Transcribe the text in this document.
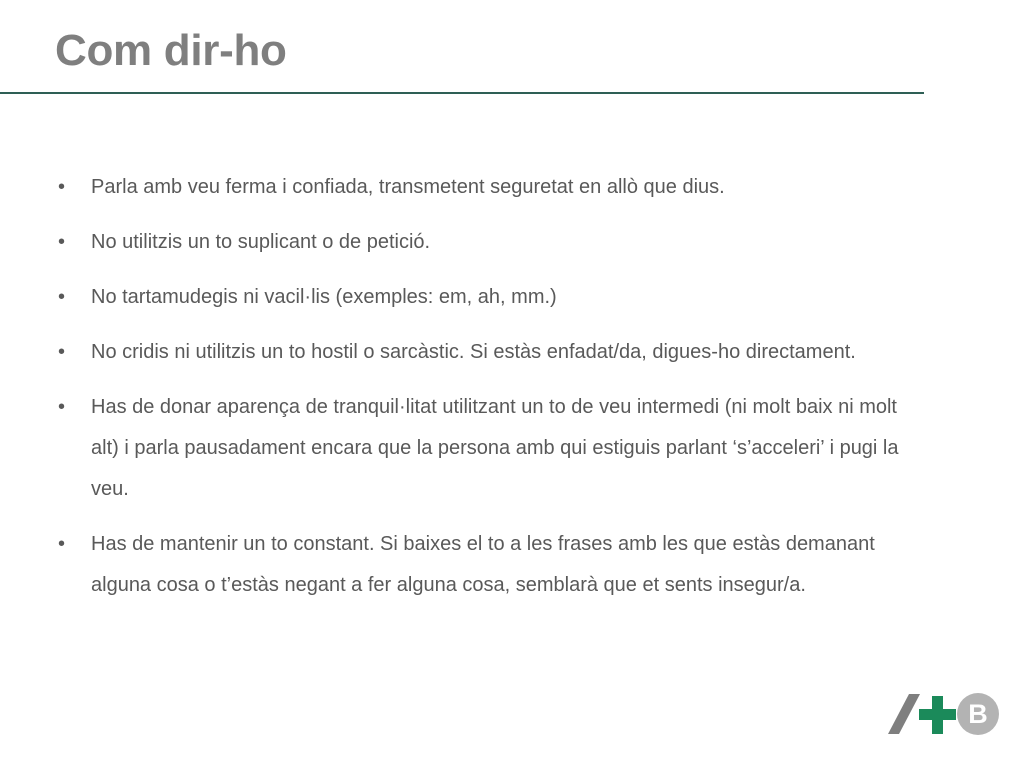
Com dir-ho
• Parla amb veu ferma i confiada, transmetent seguretat en allò que dius.
• No utilitzis un to suplicant o de petició.
• No tartamudegis ni vacil·lis (exemples: em, ah, mm.)
• No cridis ni utilitzis un to hostil o sarcàstic. Si estàs enfadat/da, digues-ho directament.
• Has de donar aparença de tranquil·litat utilitzant un to de veu intermedi (ni molt baix ni molt alt) i parla pausadament encara que la persona amb qui estiguis parlant ‘s’acceleri’ i pugi la veu.
• Has de mantenir un to constant. Si baixes el to a les frases amb les que estàs demanant alguna cosa o t’estàs negant a fer alguna cosa, semblarà que et sents insegur/a.
B
